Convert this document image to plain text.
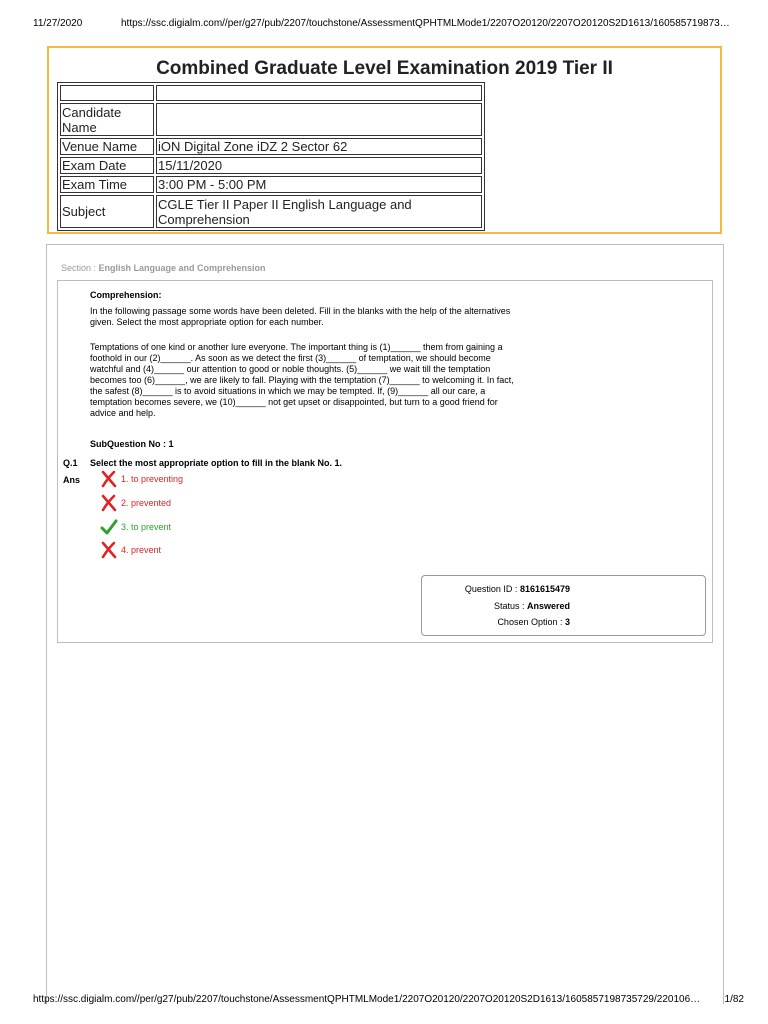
11/27/2020	https://ssc.digialm.com//per/g27/pub/2207/touchstone/AssessmentQPHTMLMode1/2207O20120/2207O20120S2D1613/160585719873…
Combined Graduate Level Examination 2019 Tier II

Candidate Name	
Venue Name	iON Digital Zone iDZ 2 Sector 62
Exam Date	15/11/2020
Exam Time	3:00 PM - 5:00 PM
Subject	CGLE Tier II Paper II English Language and Comprehension
Section : English Language and Comprehension
Comprehension:
In the following passage some words have been deleted. Fill in the blanks with the help of the alternatives given. Select the most appropriate option for each number.
Temptations of one kind or another lure everyone. The important thing is (1)______ them from gaining a foothold in our (2)______. As soon as we detect the first (3)______ of temptation, we should become watchful and (4)______ our attention to good or noble thoughts. (5)______ we wait till the temptation becomes too (6)______, we are likely to fall. Playing with the temptation (7)______ to welcoming it. In fact, the safest (8)______ is to avoid situations in which we may be tempted. If, (9)______ all our care, a temptation becomes severe, we (10)______ not get upset or disappointed, but turn to a good friend for advice and help.
SubQuestion No : 1
Q.1 Select the most appropriate option to fill in the blank No. 1.
Ans	1. to preventing
2. prevented
3. to prevent
4. prevent
Question ID : 8161615479
Status : Answered
Chosen Option : 3
https://ssc.digialm.com//per/g27/pub/2207/touchstone/AssessmentQPHTMLMode1/2207O20120/2207O20120S2D1613/1605857198735729/220106…	1/82
